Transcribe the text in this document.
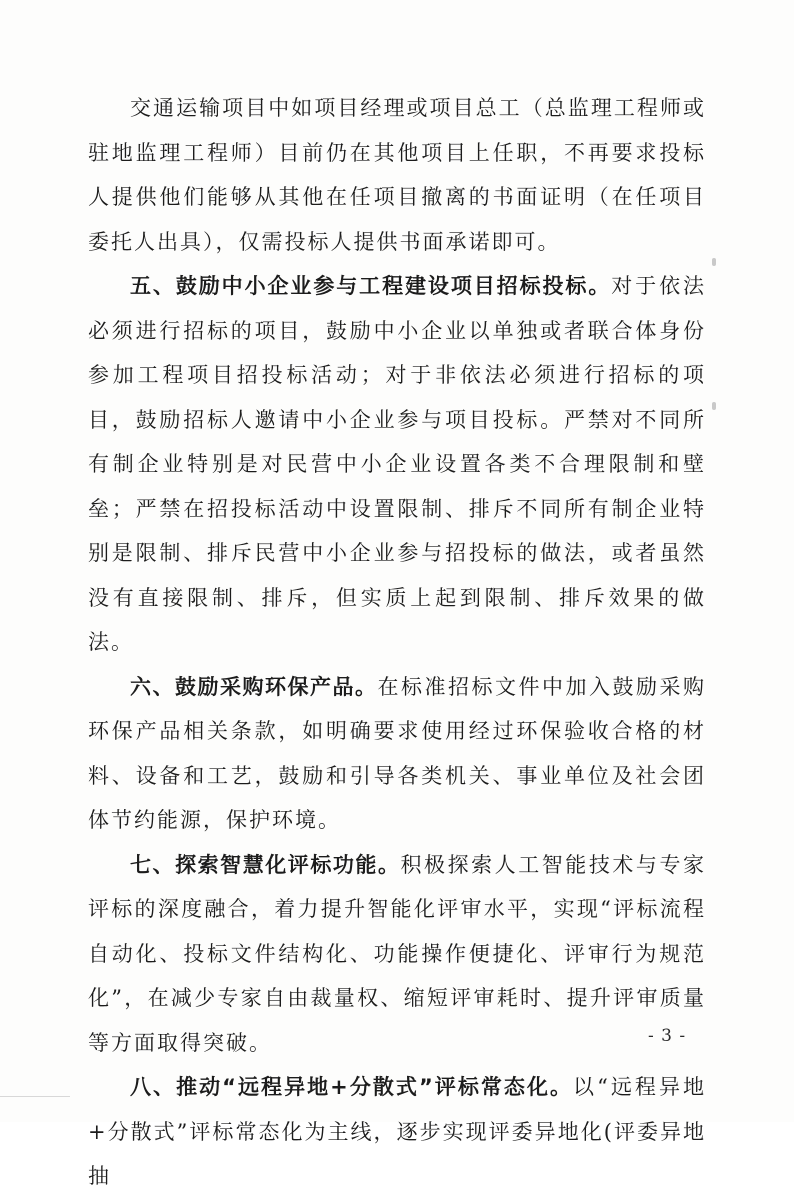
交通运输项目中如项目经理或项目总工（总监理工程师或驻地监理工程师）目前仍在其他项目上任职，不再要求投标人提供他们能够从其他在任项目撤离的书面证明（在任项目委托人出具），仅需投标人提供书面承诺即可。

五、鼓励中小企业参与工程建设项目招标投标。对于依法必须进行招标的项目，鼓励中小企业以单独或者联合体身份参加工程项目招投标活动；对于非依法必须进行招标的项目，鼓励招标人邀请中小企业参与项目投标。严禁对不同所有制企业特别是对民营中小企业设置各类不合理限制和壁垒；严禁在招投标活动中设置限制、排斥不同所有制企业特别是限制、排斥民营中小企业参与招投标的做法，或者虽然没有直接限制、排斥，但实质上起到限制、排斥效果的做法。

六、鼓励采购环保产品。在标准招标文件中加入鼓励采购环保产品相关条款，如明确要求使用经过环保验收合格的材料、设备和工艺，鼓励和引导各类机关、事业单位及社会团体节约能源，保护环境。

七、探索智慧化评标功能。积极探索人工智能技术与专家评标的深度融合，着力提升智能化评审水平，实现“评标流程自动化、投标文件结构化、功能操作便捷化、评审行为规范化”，在减少专家自由裁量权、缩短评审耗时、提升评审质量等方面取得突破。

八、推动“远程异地+分散式”评标常态化。以“远程异地+分散式”评标常态化为主线，逐步实现评委异地化(评委异地抽

- 3 -
